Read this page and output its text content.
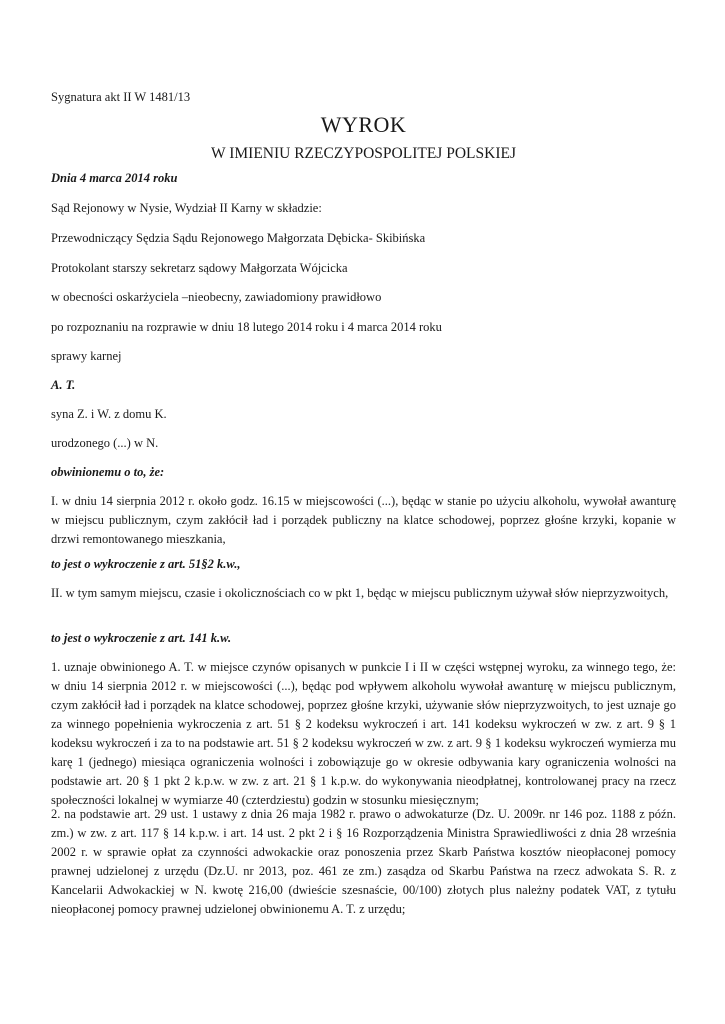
Sygnatura akt II W 1481/13

WYROK
W IMIENIU RZECZYPOSPOLITEJ POLSKIEJ

Dnia 4 marca 2014 roku

Sąd Rejonowy w Nysie, Wydział II Karny w składzie:

Przewodniczący Sędzia Sądu Rejonowego Małgorzata Dębicka- Skibińska

Protokolant starszy sekretarz sądowy Małgorzata Wójcicka

w obecności oskarżyciela –nieobecny, zawiadomiony prawidłowo

po rozpoznaniu na rozprawie w dniu 18 lutego 2014 roku i 4 marca 2014 roku

sprawy karnej

A. T.

syna Z. i W. z domu K.

urodzonego (...) w N.

obwinionemu o to, że:

I. w dniu 14 sierpnia 2012 r. około godz. 16.15 w miejscowości (...), będąc w stanie po użyciu alkoholu, wywołał awanturę w miejscu publicznym, czym zakłócił ład i porządek publiczny na klatce schodowej, poprzez głośne krzyki, kopanie w drzwi remontowanego mieszkania,

to jest o wykroczenie z art. 51§2 k.w.,

II. w tym samym miejscu, czasie i okolicznościach co w pkt 1, będąc w miejscu publicznym używał słów nieprzyzwoitych,

to jest o wykroczenie z art. 141 k.w.

1. uznaje obwinionego A. T. w miejsce czynów opisanych w punkcie I i II w części wstępnej wyroku, za winnego tego, że: w dniu 14 sierpnia 2012 r. w miejscowości (...), będąc pod wpływem alkoholu wywołał awanturę w miejscu publicznym, czym zakłócił ład i porządek na klatce schodowej, poprzez głośne krzyki, używanie słów nieprzyzwoitych, to jest uznaje go za winnego popełnienia wykroczenia z art. 51 § 2 kodeksu wykroczeń i art. 141 kodeksu wykroczeń w zw. z art. 9 § 1 kodeksu wykroczeń i za to na podstawie art. 51 § 2 kodeksu wykroczeń w zw. z art. 9 § 1 kodeksu wykroczeń wymierza mu karę 1 (jednego) miesiąca ograniczenia wolności i zobowiązuje go w okresie odbywania kary ograniczenia wolności na podstawie art. 20 § 1 pkt 2 k.p.w. w zw. z art. 21 § 1 k.p.w. do wykonywania nieodpłatnej, kontrolowanej pracy na rzecz społeczności lokalnej w wymiarze 40 (czterdziestu) godzin w stosunku miesięcznym;

2. na podstawie art. 29 ust. 1 ustawy z dnia 26 maja 1982 r. prawo o adwokaturze (Dz. U. 2009r. nr 146 poz. 1188 z późn. zm.) w zw. z art. 117 § 14 k.p.w. i art. 14 ust. 2 pkt 2 i § 16 Rozporządzenia Ministra Sprawiedliwości z dnia 28 września 2002 r. w sprawie opłat za czynności adwokackie oraz ponoszenia przez Skarb Państwa kosztów nieopłaconej pomocy prawnej udzielonej z urzędu (Dz.U. nr 2013, poz. 461 ze zm.) zasądza od Skarbu Państwa na rzecz adwokata S. R. z Kancelarii Adwokackiej w N. kwotę 216,00 (dwieście szesnaście, 00/100) złotych plus należny podatek VAT, z tytułu nieopłaconej pomocy prawnej udzielonej obwinionemu A. T. z urzędu;
